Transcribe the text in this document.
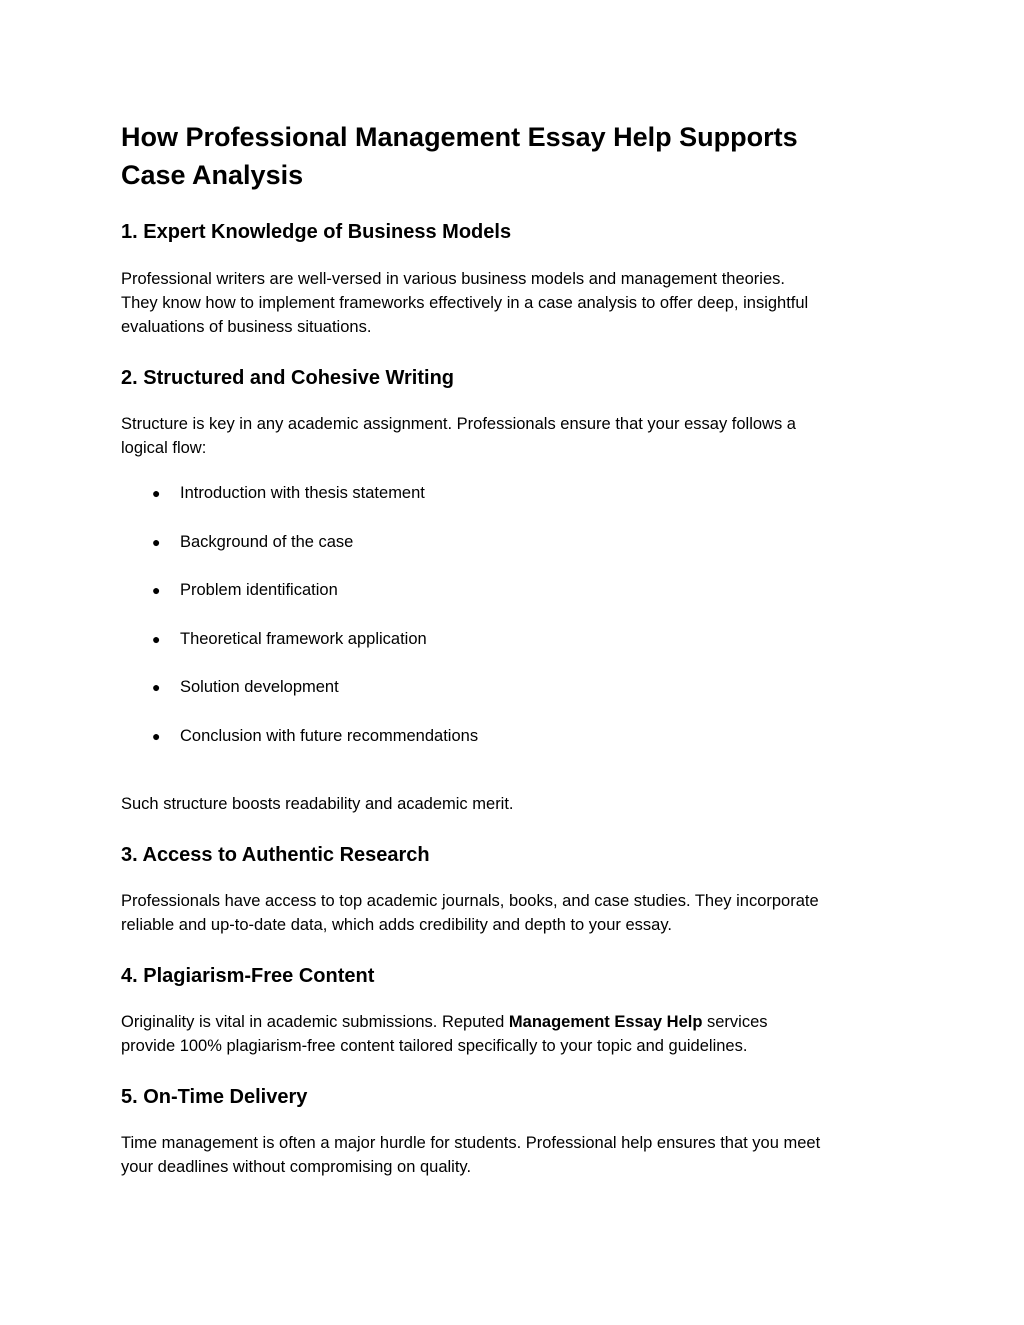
How Professional Management Essay Help Supports
Case Analysis
1. Expert Knowledge of Business Models
Professional writers are well-versed in various business models and management theories.
They know how to implement frameworks effectively in a case analysis to offer deep, insightful
evaluations of business situations.
2. Structured and Cohesive Writing
Structure is key in any academic assignment. Professionals ensure that your essay follows a
logical flow:
● Introduction with thesis statement
● Background of the case
● Problem identification
● Theoretical framework application
● Solution development
● Conclusion with future recommendations
Such structure boosts readability and academic merit.
3. Access to Authentic Research
Professionals have access to top academic journals, books, and case studies. They incorporate
reliable and up-to-date data, which adds credibility and depth to your essay.
4. Plagiarism-Free Content
Originality is vital in academic submissions. Reputed Management Essay Help services
provide 100% plagiarism-free content tailored specifically to your topic and guidelines.
5. On-Time Delivery
Time management is often a major hurdle for students. Professional help ensures that you meet
your deadlines without compromising on quality.
